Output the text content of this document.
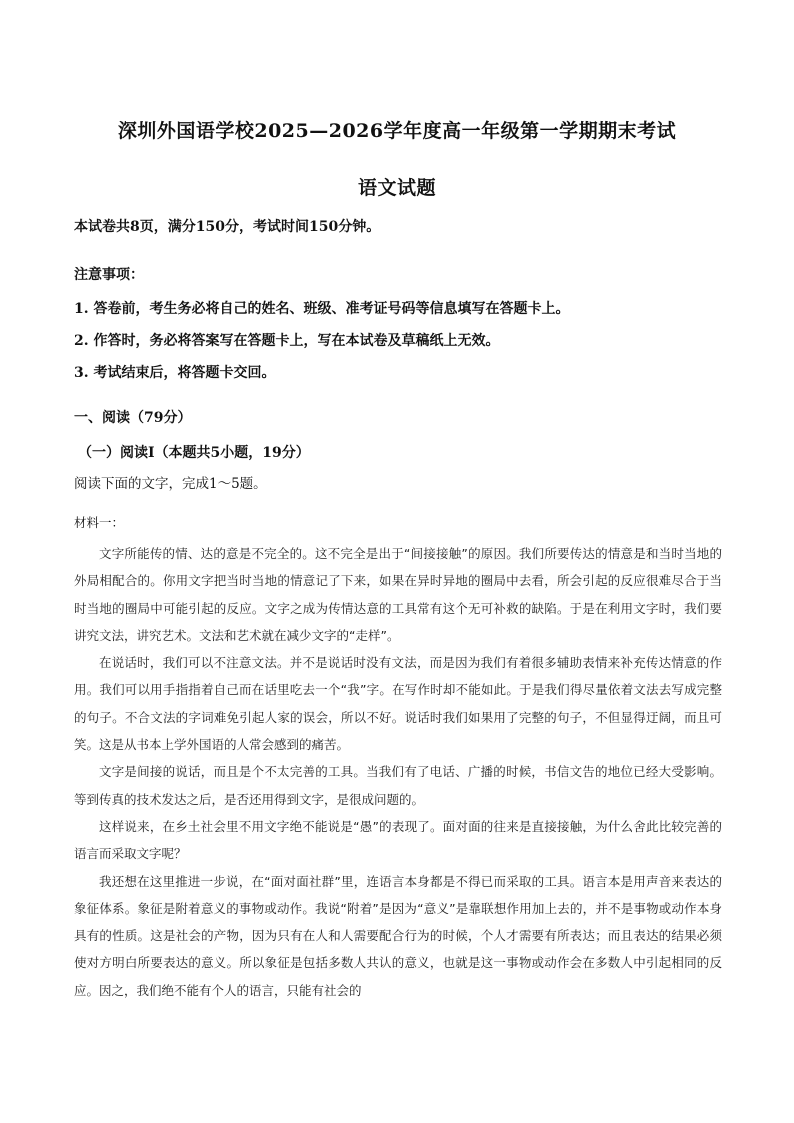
深圳外国语学校2025—2026学年度高一年级第一学期期末考试
语文试题
本试卷共8页，满分150分，考试时间150分钟。
注意事项：
1. 答卷前，考生务必将自己的姓名、班级、准考证号码等信息填写在答题卡上。
2. 作答时，务必将答案写在答题卡上，写在本试卷及草稿纸上无效。
3. 考试结束后，将答题卡交回。
一、阅读（79分）
（一）阅读Ⅰ（本题共5小题，19分）
阅读下面的文字，完成1～5题。
材料一：

文字所能传的情、达的意是不完全的。这不完全是出于“间接接触”的原因。我们所要传达的情意是和当时当地的外局相配合的。你用文字把当时当地的情意记了下来，如果在异时异地的圈局中去看，所会引起的反应很难尽合于当时当地的圈局中可能引起的反应。文字之成为传情达意的工具常有这个无可补救的缺陷。于是在利用文字时，我们要讲究文法，讲究艺术。文法和艺术就在减少文字的“走样”。

在说话时，我们可以不注意文法。并不是说话时没有文法，而是因为我们有着很多辅助表情来补充传达情意的作用。我们可以用手指指着自己而在话里吃去一个“我”字。在写作时却不能如此。于是我们得尽量依着文法去写成完整的句子。不合文法的字词难免引起人家的误会，所以不好。说话时我们如果用了完整的句子，不但显得迂阔，而且可笑。这是从书本上学外国语的人常会感到的痛苦。

文字是间接的说话，而且是个不太完善的工具。当我们有了电话、广播的时候，书信文告的地位已经大受影响。等到传真的技术发达之后，是否还用得到文字，是很成问题的。

这样说来，在乡土社会里不用文字绝不能说是“愚”的表现了。面对面的往来是直接接触，为什么舍此比较完善的语言而采取文字呢？

我还想在这里推进一步说，在“面对面社群”里，连语言本身都是不得已而采取的工具。语言本是用声音来表达的象征体系。象征是附着意义的事物或动作。我说“附着”是因为“意义”是靠联想作用加上去的，并不是事物或动作本身具有的性质。这是社会的产物，因为只有在人和人需要配合行为的时候，个人才需要有所表达；而且表达的结果必须使对方明白所要表达的意义。所以象征是包括多数人共认的意义，也就是这一事物或动作会在多数人中引起相同的反应。因之，我们绝不能有个人的语言，只能有社会的
